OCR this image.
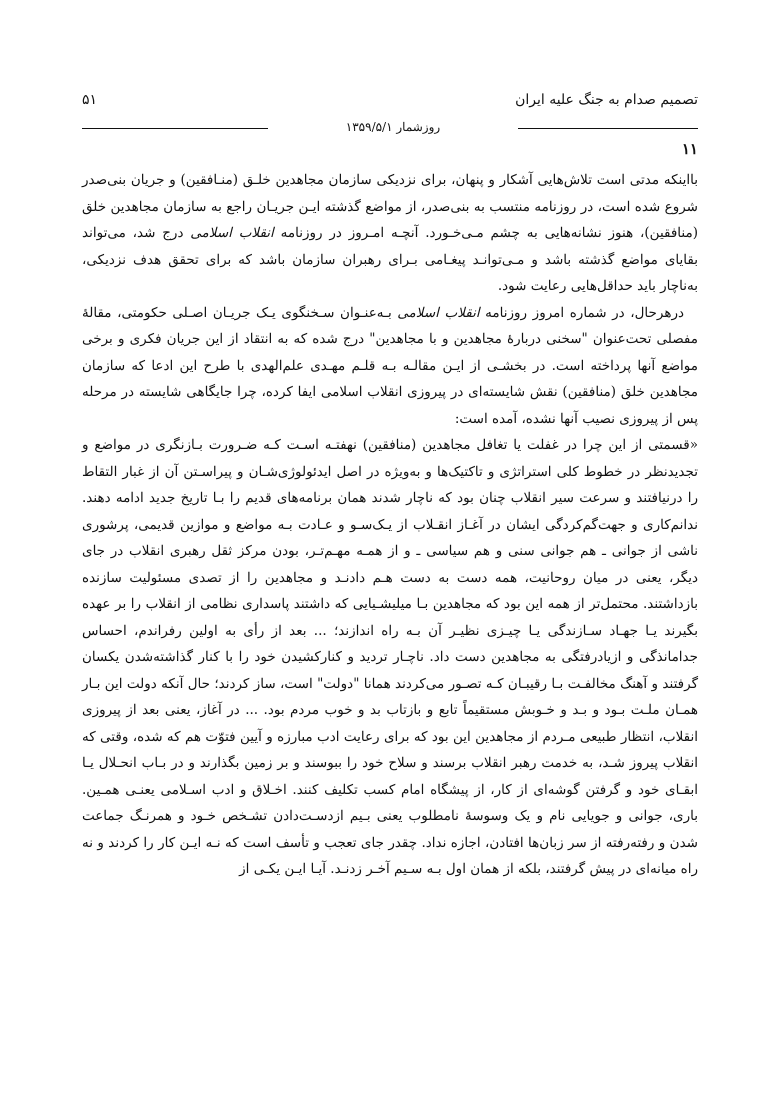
تصمیم صدام به جنگ علیه ایران
۵۱
روزشمار ۱۳۵۹/۵/۱
۱۱

بااینکه مدتی است تلاش‌هایی آشکار و پنهان، برای نزدیکی سازمان مجاهدین خلـق (منـافقین) و جریان بنی‌صدر شروع شده است، در روزنامه منتسب به بنی‌صدر، از مواضع گذشته ایـن جریـان راجع به سازمان مجاهدین خلق (منافقین)، هنوز نشانه‌هایی به چشم مـی‌خـورد. آنچـه امـروز در روزنامه انقلاب اسلامی درج شد، می‌تواند بقایای مواضع گذشته باشد و مـی‌توانـد پیغـامی بـرای رهبران سازمان باشد که برای تحقق هدف نزدیکی، به‌ناچار باید حداقل‌هایی رعایت شود.

درهرحال، در شماره امروز روزنامه انقلاب اسلامی بـه‌عنـوان سـخنگوی یـک جریـان اصـلی حکومتی، مقالهٔ مفصلی تحت‌عنوان "سخنی دربارهٔ مجاهدین و با مجاهدین" درج شده که به انتقاد از این جریان فکری و برخی مواضع آنها پرداخته است. در بخشـی از ایـن مقالـه بـه قلـم مهـدی علم‌الهدی با طرح این ادعا که سازمان مجاهدین خلق (منافقین) نقش شایسته‌ای در پیروزی انقلاب اسلامی ایفا کرده، چرا جایگاهی شایسته در مرحله پس از پیروزی نصیب آنها نشده، آمده است:

«قسمتی از این چرا در غفلت یا تغافل مجاهدین (منافقین) نهفتـه اسـت کـه ضـرورت بـازنگری در مواضع و تجدیدنظر در خطوط کلی استراتژی و تاکتیک‌ها و به‌ویژه در اصل ایدئولوژی‌شـان و پیراسـتن آن از غبار التقاط را درنیافتند و سرعت سیر انقلاب چنان بود که ناچار شدند همان برنامه‌های قدیم را بـا تاریخ جدید ادامه دهند. ندانم‌کاری و جهت‌گم‌کردگی ایشان در آغـاز انقـلاب از یـک‌سـو و عـادت بـه مواضع و موازین قدیمی، پرشوری ناشی از جوانی ـ هم جوانی سنی و هم سیاسی ـ و از همـه مهـم‌تـر، بودن مرکز ثقل رهبری انقلاب در جای دیگر، یعنی در میان روحانیت، همه دست به دست هـم دادنـد و مجاهدین را از تصدی مسئولیت سازنده بازداشتند. محتمل‌تر از همه این بود که مجاهدین بـا میلیشـیایی که داشتند پاسداری نظامی از انقلاب را بر عهده بگیرند یـا جهـاد سـازندگی یـا چیـزی نظیـر آن بـه راه اندازند؛ ... بعد از رأی به اولین رفراندم، احساس جدامانذگی و ازیادرفتگی به مجاهدین دست داد. ناچـار تردید و کنارکشیدن خود را با کنار گذاشته‌شدن یکسان گرفتند و آهنگ مخالفـت بـا رقیبـان کـه تصـور می‌کردند همانا "دولت" است، ساز کردند؛ حال آنکه دولت این بـار همـان ملـت بـود و بـد و خـوبش مستقیماً تابع و بازتاب بد و خوب مردم بود. ... در آغاز، یعنی بعد از پیروزی انقلاب، انتظار طبیعی مـردم از مجاهدین این بود که برای رعایت ادب مبارزه و آیین فتوّت هم که شده، وقتی که انقلاب پیروز شـد، به خدمت رهبر انقلاب برسند و سلاح خود را ببوسند و بر زمین بگذارند و در بـاب انحـلال یـا ابقـای خود و گرفتن گوشه‌ای از کار، از پیشگاه امام کسب تکلیف کنند. اخـلاق و ادب اسـلامی یعنـی همـین. باری، جوانی و جویایی نام و یک وسوسهٔ نامطلوب یعنی بـیم ازدسـت‌دادن تشـخص خـود و همرنـگ جماعت شدن و رفته‌رفته از سر زبان‌ها افتادن، اجازه نداد. چقدر جای تعجب و تأسف است که نـه ایـن کار را کردند و نه راه میانه‌ای در پیش گرفتند، بلکه از همان اول بـه سـیم آخـر زدنـد. آیـا ایـن یکـی از
